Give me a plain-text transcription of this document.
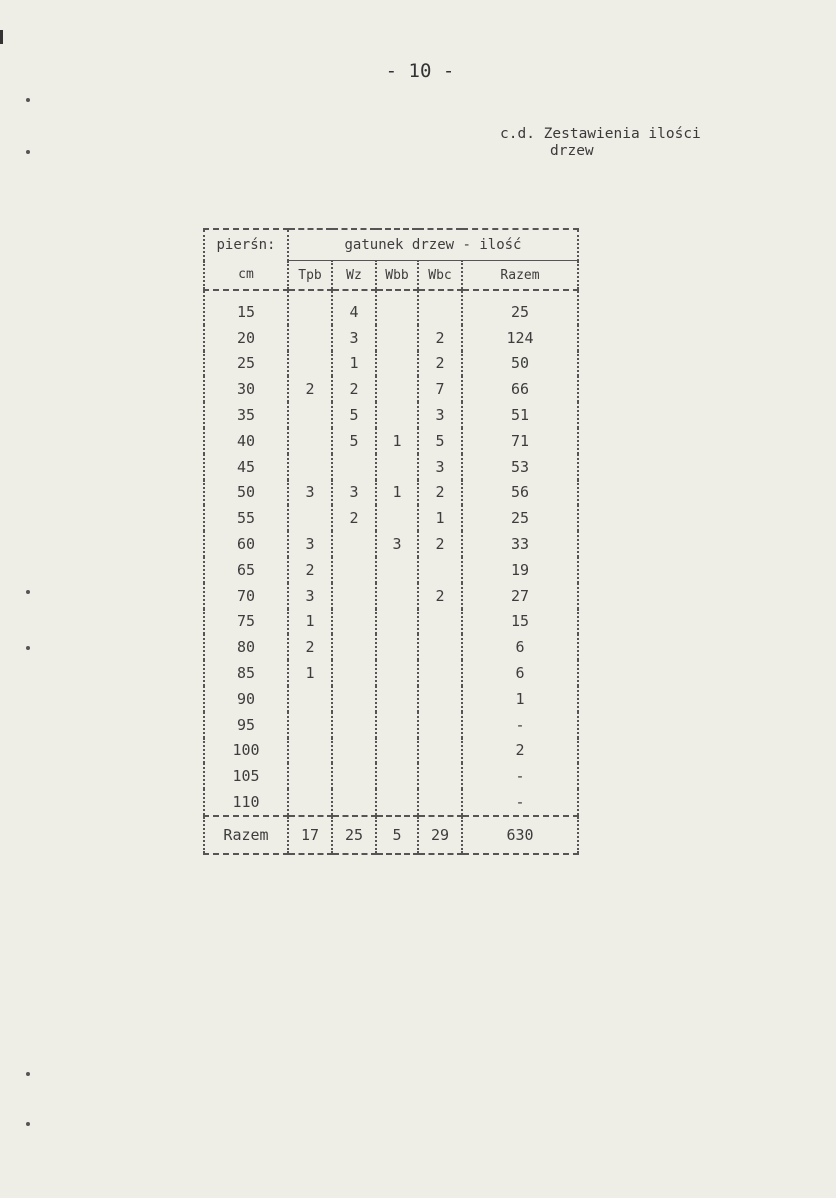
- 10 -
c.d. Zestawienia ilości
drzew
pierśn:	gatunek drzew - ilość				
cm	Tpb	Wz	Wbb	Wbc	Razem
15		4			25
20		3		2	124
25		1		2	50
30	2	2		7	66
35		5		3	51
40		5	1	5	71
45				3	53
50	3	3	1	2	56
55		2		1	25
60	3		3	2	33
65	2				19
70	3			2	27
75	1				15
80	2				6
85	1				6
90					1
95					-
100					2
105					-
110					-
Razem	17	25	5	29	630
